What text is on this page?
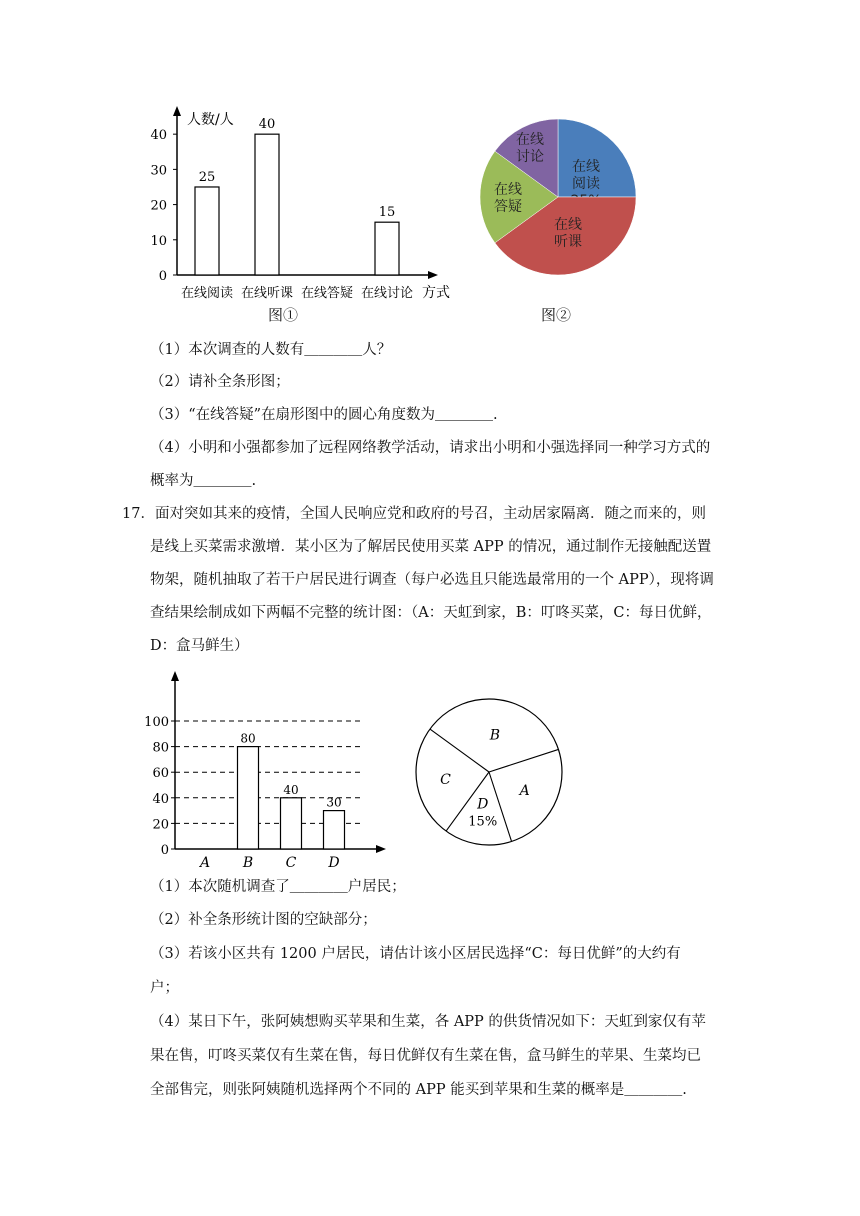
0
10
20
30
40
25
40
15
在线阅读 在线听课 在线答疑 在线讨论
人数/人
方式
图①
在线阅读
在线听课
在线答疑
在线讨论
图②
（1）本次调查的人数有＿＿＿＿人？
（2）请补全条形图；
（3）“在线答疑”在扇形图中的圆心角度数为＿＿＿＿.
（4）小明和小强都参加了远程网络教学活动，请求出小明和小强选择同一种学习方式的
概率为＿＿＿＿.
17．面对突如其来的疫情，全国人民响应党和政府的号召，主动居家隔离．随之而来的，则
是线上买菜需求激增．某小区为了解居民使用买菜 APP 的情况，通过制作无接触配送置
物架，随机抽取了若干户居民进行调查（每户必选且只能选最常用的一个 APP），现将调
查结果绘制成如下两幅不完整的统计图：（A：天虹到家，B：叮咚买菜，C：每日优鲜，
D：盒马鲜生）
0
20
40
60
80
100
80
40
30
A B C D
B
A
D 15%
C
（1）本次随机调查了＿＿＿＿户居民；
（2）补全条形统计图的空缺部分；
（3）若该小区共有 1200 户居民，请估计该小区居民选择“C：每日优鲜”的大约有
户；
（4）某日下午，张阿姨想购买苹果和生菜，各 APP 的供货情况如下：天虹到家仅有苹
果在售，叮咚买菜仅有生菜在售，每日优鲜仅有生菜在售，盒马鲜生的苹果、生菜均已
全部售完，则张阿姨随机选择两个不同的 APP 能买到苹果和生菜的概率是＿＿＿＿.
